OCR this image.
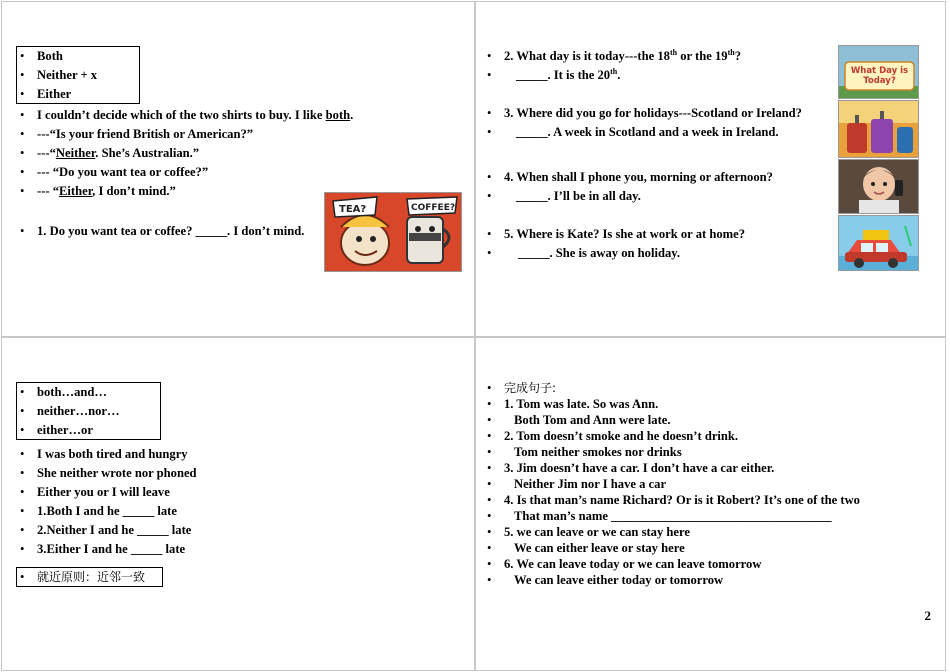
• Both
• Neither + x
• Either
• I couldn’t decide which of the two shirts to buy. I like both.
• ---“Is your friend British or American?”
• ---“Neither. She’s Australian.”
• --- “Do you want tea or coffee?”
• --- “Either, I don’t mind.”
• 1. Do you want tea or coffee? _____. I don’t mind.
TEA?	COFFEE?
• 2. What day is it today---the 18th or the 19th?
• _____. It is the 20th.
• 3. Where did you go for holidays---Scotland or Ireland?
• _____. A week in Scotland and a week in Ireland.
• 4. When shall I phone you, morning or afternoon?
• _____. I’ll be in all day.
• 5. Where is Kate? Is she at work or at home?
• _____. She is away on holiday.
What Day is Today?
• both…and…
• neither…nor…
• either…or
• I was both tired and hungry
• She neither wrote nor phoned
• Either you or I will leave
• 1.Both I and he _____ late
• 2.Neither I and he _____ late
• 3.Either I and he _____ late
• 就近原则：近邻一致
• 完成句子:
• 1. Tom was late. So was Ann.
• Both Tom and Ann were late.
• 2. Tom doesn’t smoke and he doesn’t drink.
• Tom neither smokes nor drinks
• 3. Jim doesn’t have a car. I don’t have a car either.
• Neither Jim nor I have a car
• 4. Is that man’s name Richard? Or is it Robert? It’s one of the two
• That man’s name ___________________________________
• 5. we can leave or we can stay here
• We can either leave or stay here
• 6. We can leave today or we can leave tomorrow
• We can leave either today or tomorrow
2
